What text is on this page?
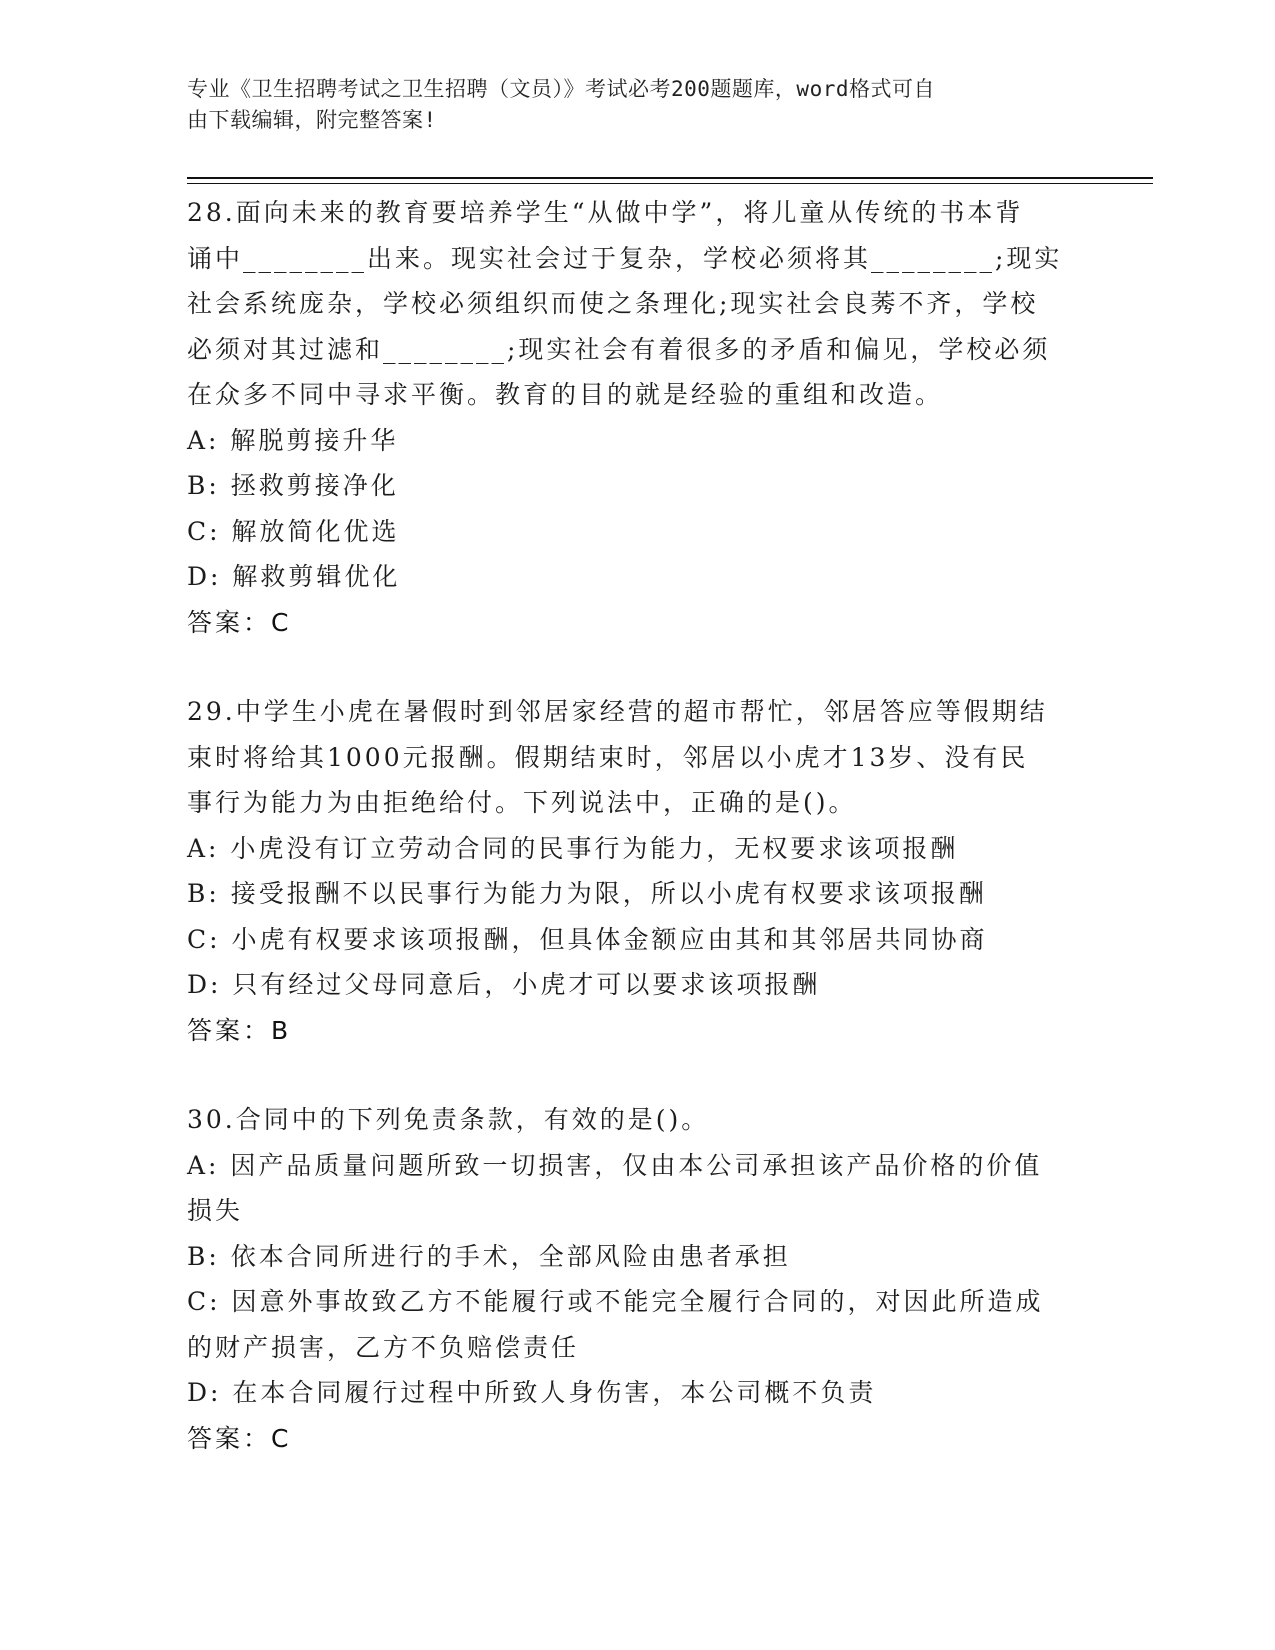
专业《卫生招聘考试之卫生招聘（文员）》考试必考200题题库，word格式可自
由下载编辑，附完整答案!
28.面向未来的教育要培养学生“从做中学”，将儿童从传统的书本背
诵中________出来。现实社会过于复杂，学校必须将其________;现实
社会系统庞杂，学校必须组织而使之条理化;现实社会良莠不齐，学校
必须对其过滤和________;现实社会有着很多的矛盾和偏见，学校必须
在众多不同中寻求平衡。教育的目的就是经验的重组和改造。
A: 解脱剪接升华
B: 拯救剪接净化
C: 解放简化优选
D: 解救剪辑优化
答案：C
29.中学生小虎在暑假时到邻居家经营的超市帮忙，邻居答应等假期结
束时将给其1000元报酬。假期结束时，邻居以小虎才13岁、没有民
事行为能力为由拒绝给付。下列说法中，正确的是()。
A: 小虎没有订立劳动合同的民事行为能力，无权要求该项报酬
B: 接受报酬不以民事行为能力为限，所以小虎有权要求该项报酬
C: 小虎有权要求该项报酬，但具体金额应由其和其邻居共同协商
D: 只有经过父母同意后，小虎才可以要求该项报酬
答案：B
30.合同中的下列免责条款，有效的是()。
A: 因产品质量问题所致一切损害，仅由本公司承担该产品价格的价值
损失
B: 依本合同所进行的手术，全部风险由患者承担
C: 因意外事故致乙方不能履行或不能完全履行合同的，对因此所造成
的财产损害，乙方不负赔偿责任
D: 在本合同履行过程中所致人身伤害，本公司概不负责
答案：C
